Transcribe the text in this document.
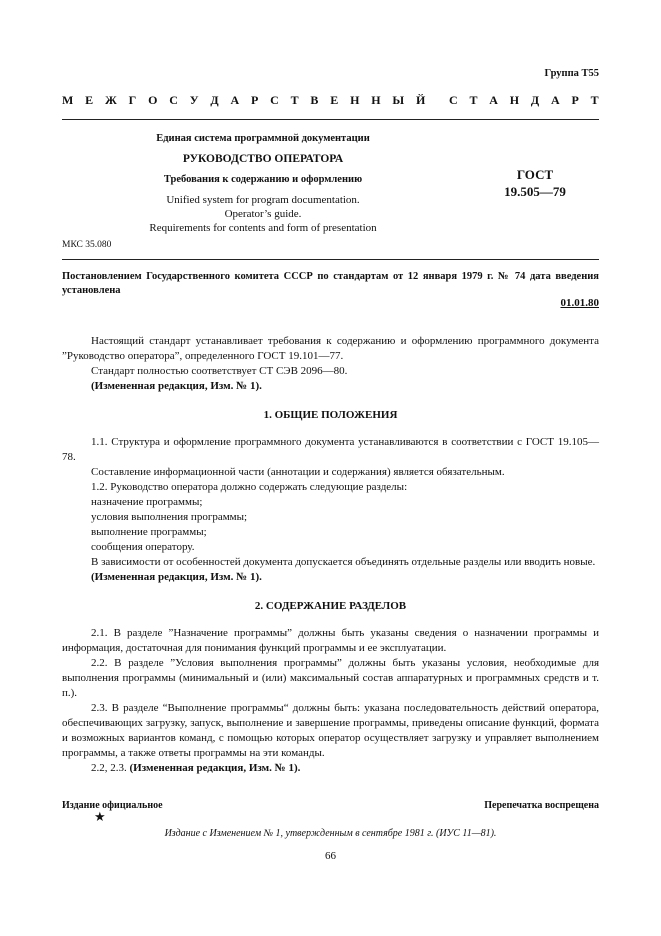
Группа Т55
М Е Ж Г О С У Д А Р С Т В Е Н Н Ы Й С Т А Н Д А Р Т
Единая система программной документации
РУКОВОДСТВО ОПЕРАТОРА
Требования к содержанию и оформлению
Unified system for program documentation.
Operator’s guide.
Requirements for contents and form of presentation
ГОСТ
19.505—79
МКС 35.080
Постановлением Государственного комитета СССР по стандартам от 12 января 1979 г. № 74 дата введения установлена
01.01.80

Настоящий стандарт устанавливает требования к содержанию и оформлению программного документа ”Руководство оператора”, определенного ГОСТ 19.101—77.

Стандарт полностью соответствует СТ СЭВ 2096—80.

(Измененная редакция, Изм. № 1).

1. ОБЩИЕ ПОЛОЖЕНИЯ

1.1. Структура и оформление программного документа устанавливаются в соответствии с ГОСТ 19.105—78.

Составление информационной части (аннотации и содержания) является обязательным.

1.2. Руководство оператора должно содержать следующие разделы:

назначение программы;

условия выполнения программы;

выполнение программы;

сообщения оператору.

В зависимости от особенностей документа допускается объединять отдельные разделы или вводить новые.

(Измененная редакция, Изм. № 1).

2. СОДЕРЖАНИЕ РАЗДЕЛОВ

2.1. В разделе ”Назначение программы” должны быть указаны сведения о назначении программы и информация, достаточная для понимания функций программы и ее эксплуатации.

2.2. В разделе ”Условия выполнения программы” должны быть указаны условия, необходимые для выполнения программы (минимальный и (или) максимальный состав аппаратурных и программных средств и т. п.).

2.3. В разделе “Выполнение программы“ должны быть: указана последовательность действий оператора, обеспечивающих загрузку, запуск, выполнение и завершение программы, приведены описание функций, формата и возможных вариантов команд, с помощью которых оператор осуществляет загрузку и управляет выполнением программы, а также ответы программы на эти команды.

2.2, 2.3. (Измененная редакция, Изм. № 1).

Издание официальное	Перепечатка воспрещена
★
Издание с Изменением № 1, утвержденным в сентябре 1981 г. (ИУС 11—81).
66
